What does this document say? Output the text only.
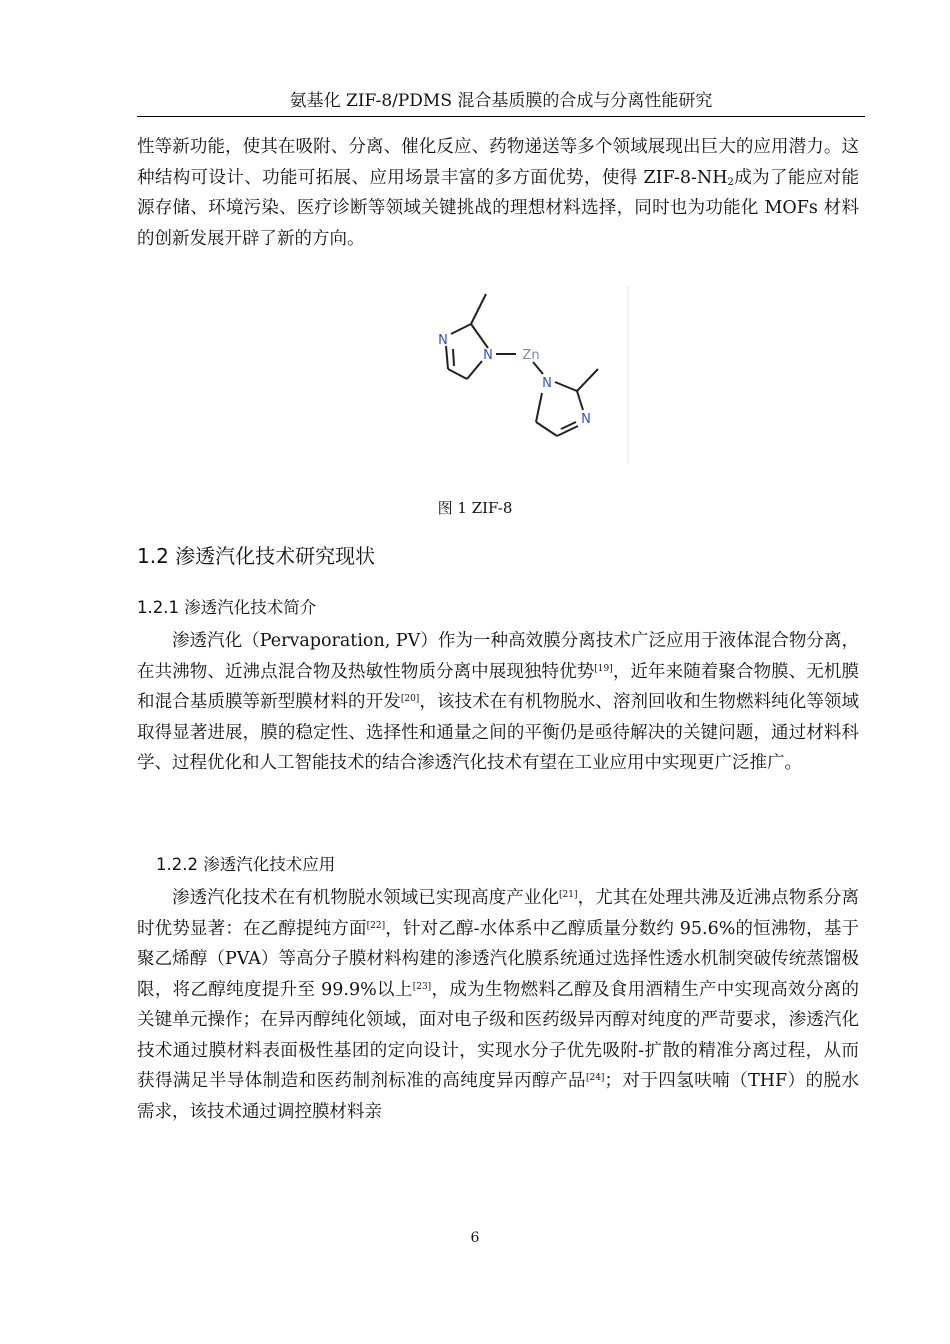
氨基化 ZIF-8/PDMS 混合基质膜的合成与分离性能研究

性等新功能，使其在吸附、分离、催化反应、药物递送等多个领域展现出巨大的应用潜力。这种结构可设计、功能可拓展、应用场景丰富的多方面优势，使得 ZIF-$8-NH_2$成为了能应对能源存储、环境污染、医疗诊断等领域关键挑战的理想材料选择，同时也为功能化 MOFs 材料的创新发展开辟了新的方向。

N
N Zn
N
N
图 1 ZIF-8
1.2 渗透汽化技术研究现状
1.2.1 渗透汽化技术简介

渗透汽化（Pervaporation, PV）作为一种高效膜分离技术广泛应用于液体混合物分离，在共沸物、近沸点混合物及热敏性物质分离中展现独特优势[19]，近年来随着聚合物膜、无机膜和混合基质膜等新型膜材料的开发[20]，该技术在有机物脱水、溶剂回收和生物燃料纯化等领域取得显著进展，膜的稳定性、选择性和通量之间的平衡仍是亟待解决的关键问题，通过材料科学、过程优化和人工智能技术的结合渗透汽化技术有望在工业应用中实现更广泛推广。

1.2.2 渗透汽化技术应用

渗透汽化技术在有机物脱水领域已实现高度产业化[21]，尤其在处理共沸及近沸点物系分离时优势显著：在乙醇提纯方面[22]，针对乙醇-水体系中乙醇质量分数约 95.6%的恒沸物，基于聚乙烯醇（PVA）等高分子膜材料构建的渗透汽化膜系统通过选择性透水机制突破传统蒸馏极限，将乙醇纯度提升至 99.9%以上[23]，成为生物燃料乙醇及食用酒精生产中实现高效分离的关键单元操作；在异丙醇纯化领域，面对电子级和医药级异丙醇对纯度的严苛要求，渗透汽化技术通过膜材料表面极性基团的定向设计，实现水分子优先吸附-扩散的精准分离过程，从而获得满足半导体制造和医药制剂标准的高纯度异丙醇产品[24]；对于四氢呋喃（THF）的脱水需求，该技术通过调控膜材料亲

6
